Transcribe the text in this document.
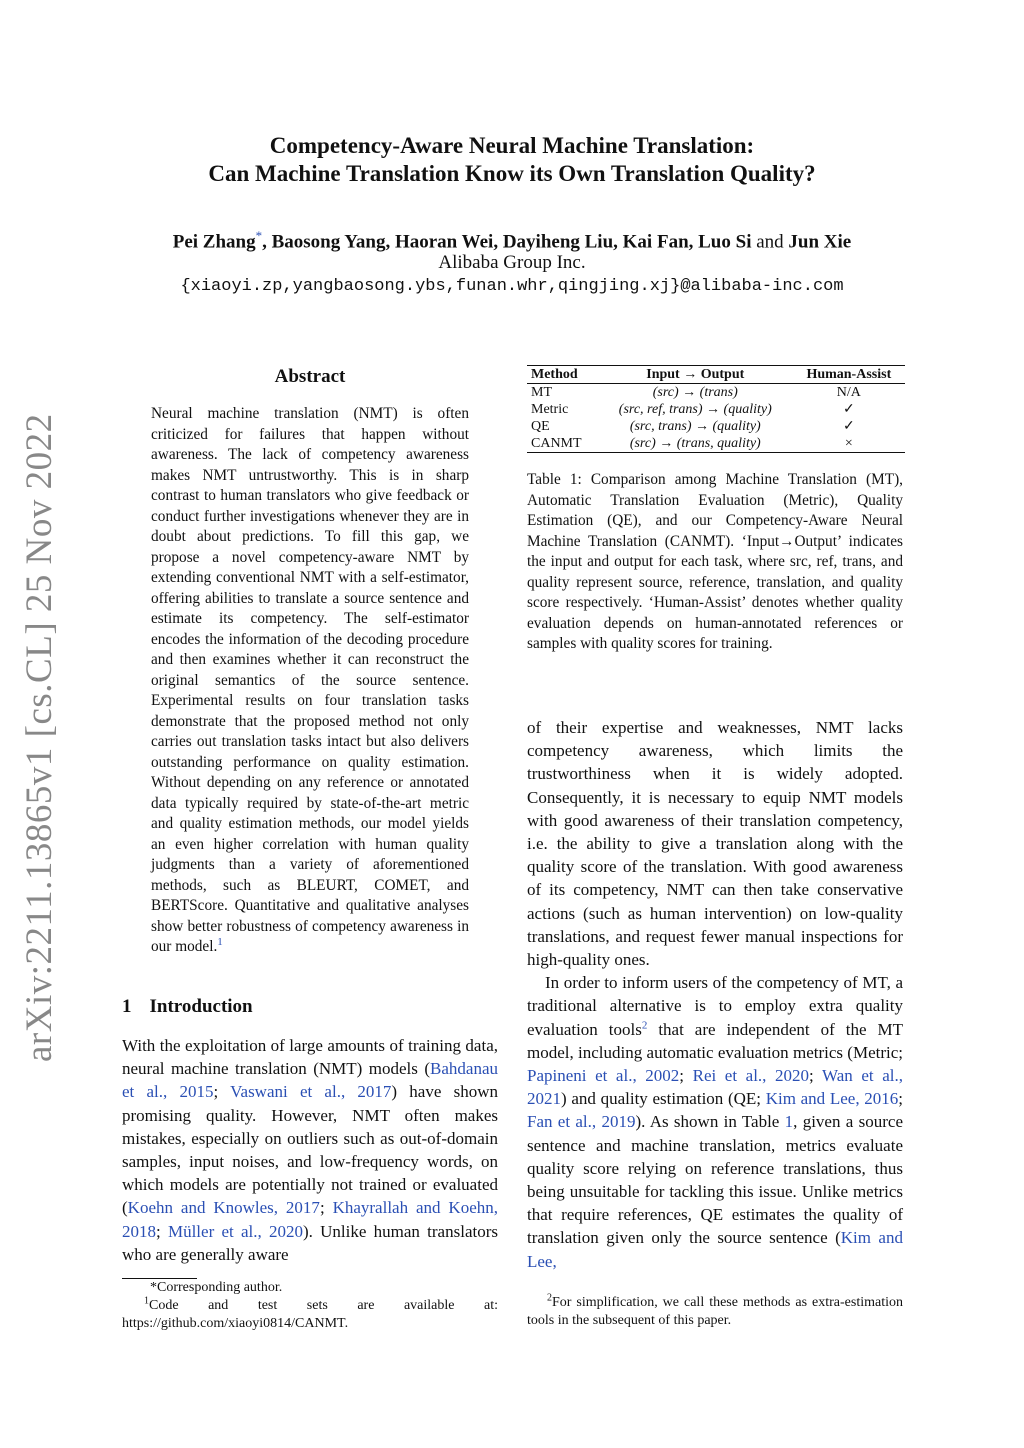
Competency-Aware Neural Machine Translation:
Can Machine Translation Know its Own Translation Quality?
Pei Zhang*, Baosong Yang, Haoran Wei, Dayiheng Liu, Kai Fan, Luo Si and Jun Xie
Alibaba Group Inc.
{xiaoyi.zp,yangbaosong.ybs,funan.whr,qingjing.xj}@alibaba-inc.com
arXiv:2211.13865v1 [cs.CL] 25 Nov 2022
Abstract
Neural machine translation (NMT) is often criticized for failures that happen without awareness. The lack of competency awareness makes NMT untrustworthy. This is in sharp contrast to human translators who give feedback or conduct further investigations whenever they are in doubt about predictions. To fill this gap, we propose a novel competency-aware NMT by extending conventional NMT with a self-estimator, offering abilities to translate a source sentence and estimate its competency. The self-estimator encodes the information of the decoding procedure and then examines whether it can reconstruct the original semantics of the source sentence. Experimental results on four translation tasks demonstrate that the proposed method not only carries out translation tasks intact but also delivers outstanding performance on quality estimation. Without depending on any reference or annotated data typically required by state-of-the-art metric and quality estimation methods, our model yields an even higher correlation with human quality judgments than a variety of aforementioned methods, such as BLEURT, COMET, and BERTScore. Quantitative and qualitative analyses show better robustness of competency awareness in our model.$^1$
Method	Input → Output	Human-Assist
MT	(src) → (trans)	N/A
Metric	(src, ref, trans) → (quality)	✓
QE	(src, trans) → (quality)	✓
CANMT	(src) → (trans, quality)	×
Table 1: Comparison among Machine Translation (MT), Automatic Translation Evaluation (Metric), Quality Estimation (QE), and our Competency-Aware Neural Machine Translation (CANMT). ‘Input→Output’ indicates the input and output for each task, where src, ref, trans, and quality represent source, reference, translation, and quality score respectively. ‘Human-Assist’ denotes whether quality evaluation depends on human-annotated references or samples with quality scores for training.
1 Introduction

With the exploitation of large amounts of training data, neural machine translation (NMT) models (Bahdanau et al., 2015; Vaswani et al., 2017) have shown promising quality. However, NMT often makes mistakes, especially on outliers such as out-of-domain samples, input noises, and low-frequency words, on which models are potentially not trained or evaluated (Koehn and Knowles, 2017; Khayrallah and Koehn, 2018; Müller et al., 2020). Unlike human translators who are generally aware

of their expertise and weaknesses, NMT lacks competency awareness, which limits the trustworthiness when it is widely adopted. Consequently, it is necessary to equip NMT models with good awareness of their translation competency, i.e. the ability to give a translation along with the quality score of the translation. With good awareness of its competency, NMT can then take conservative actions (such as human intervention) on low-quality translations, and request fewer manual inspections for high-quality ones.

In order to inform users of the competency of MT, a traditional alternative is to employ extra quality evaluation tools$^2$ that are independent of the MT model, including automatic evaluation metrics (Metric; Papineni et al., 2002; Rei et al., 2020; Wan et al., 2021) and quality estimation (QE; Kim and Lee, 2016; Fan et al., 2019). As shown in Table 1, given a source sentence and machine translation, metrics evaluate quality score relying on reference translations, thus being unsuitable for tackling this issue. Unlike metrics that require references, QE estimates the quality of translation given only the source sentence (Kim and Lee,

*Corresponding author.
$^1$Code and test sets are available at: https://github.com/xiaoyi0814/CANMT.
$^2$For simplification, we call these methods as extra-estimation tools in the subsequent of this paper.
